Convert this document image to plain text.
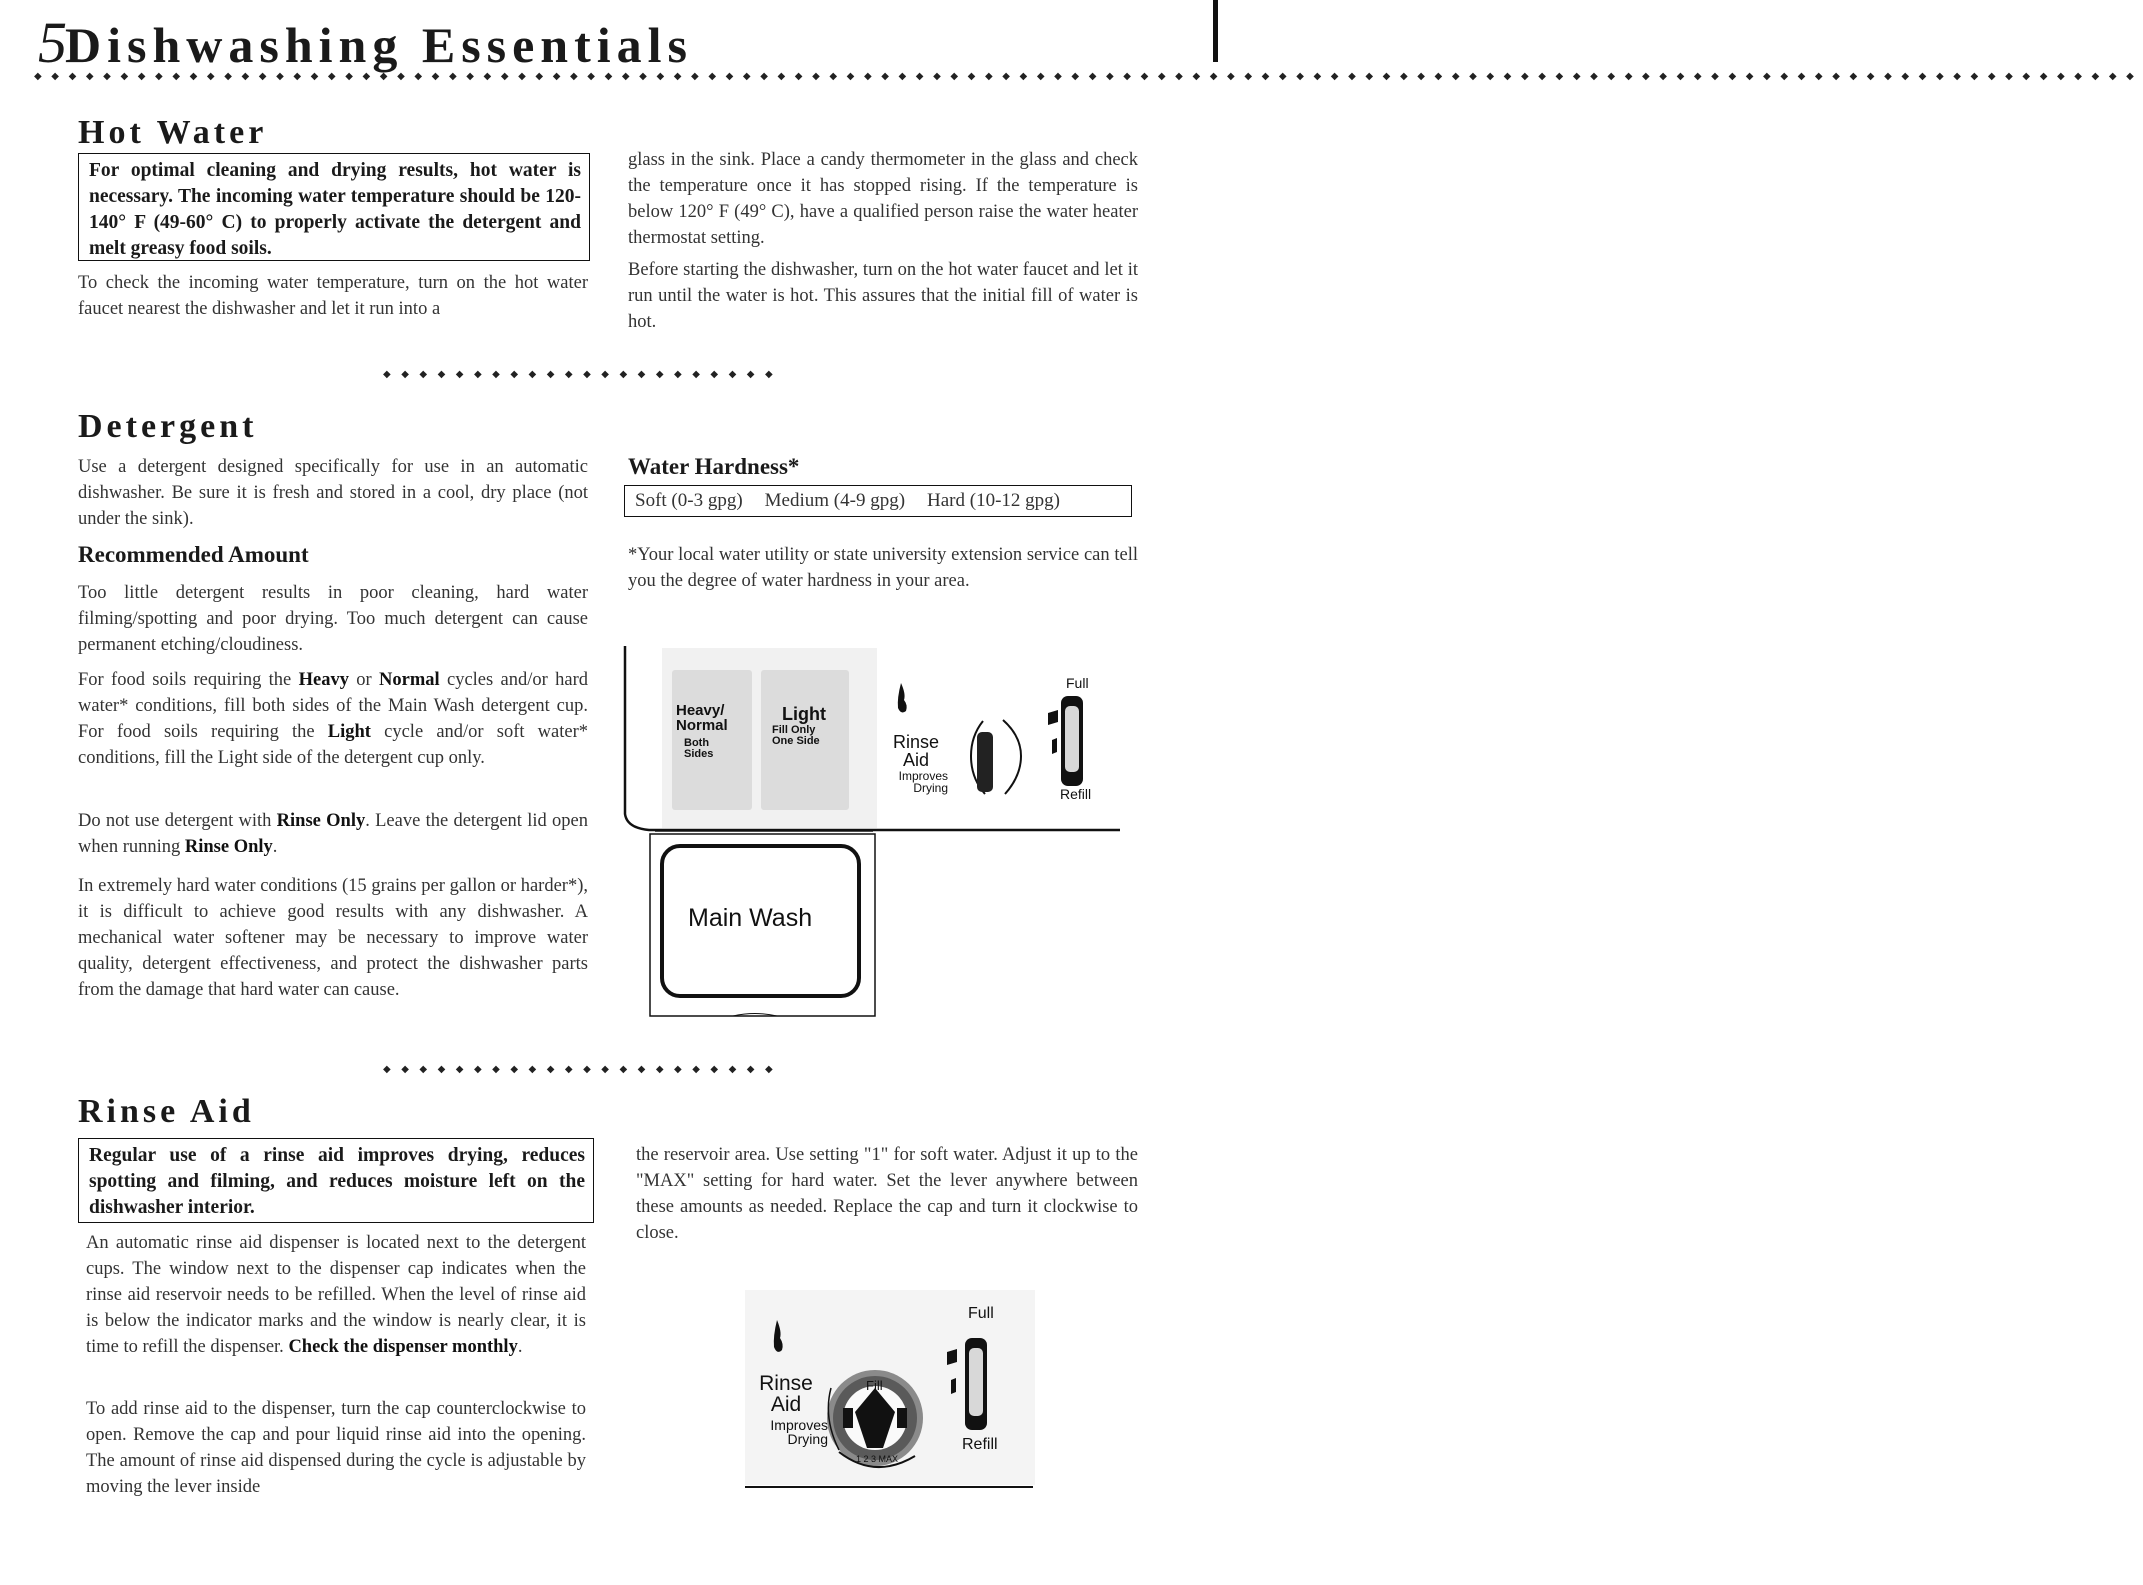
5Dishwashing Essentials
◆◆◆◆◆◆◆◆◆◆◆◆◆◆◆◆◆◆◆◆◆◆◆◆◆◆◆◆◆◆◆◆◆◆◆◆◆◆◆◆◆◆◆◆◆◆◆◆◆◆◆◆◆◆◆◆◆◆◆◆◆◆◆◆◆◆◆◆◆◆◆◆◆◆◆◆◆◆◆◆◆◆◆◆◆◆◆◆◆◆◆◆◆◆◆◆◆◆◆◆◆◆◆◆◆◆◆◆◆◆◆◆◆◆◆◆◆◆◆◆◆◆
Hot Water
For optimal cleaning and drying results, hot water is necessary. The incoming water temperature should be 120-140° F (49-60° C) to properly activate the detergent and melt greasy food soils.

To check the incoming water temperature, turn on the hot water faucet nearest the dishwasher and let it run into a

glass in the sink. Place a candy thermometer in the glass and check the temperature once it has stopped rising. If the temperature is below 120° F (49° C), have a qualified person raise the water heater thermostat setting.

Before starting the dishwasher, turn on the hot water faucet and let it run until the water is hot. This assures that the initial fill of water is hot.

◆◆◆◆◆◆◆◆◆◆◆◆◆◆◆◆◆◆◆◆◆◆
Detergent

Use a detergent designed specifically for use in an automatic dishwasher. Be sure it is fresh and stored in a cool, dry place (not under the sink).

Recommended Amount

Too little detergent results in poor cleaning, hard water filming/spotting and poor drying. Too much detergent can cause permanent etching/cloudiness.

For food soils requiring the Heavy or Normal cycles and/or hard water* conditions, fill both sides of the Main Wash detergent cup. For food soils requiring the Light cycle and/or soft water* conditions, fill the Light side of the detergent cup only.

Do not use detergent with Rinse Only. Leave the detergent lid open when running Rinse Only.

In extremely hard water conditions (15 grains per gallon or harder*), it is difficult to achieve good results with any dishwasher. A mechanical water softener may be necessary to improve water quality, detergent effectiveness, and protect the dishwasher parts from the damage that hard water can cause.

Water Hardness*
Soft (0-3 gpg) Medium (4-9 gpg) Hard (10-12 gpg)

*Your local water utility or state university extension service can tell you the degree of water hardness in your area.

Heavy/
Normal
Both
Sides
Light
Fill Only
One Side	Rinse
Aid
Improves
Drying
Full
Refill
Main Wash
◆◆◆◆◆◆◆◆◆◆◆◆◆◆◆◆◆◆◆◆◆◆
Rinse Aid
Regular use of a rinse aid improves drying, reduces spotting and filming, and reduces moisture left on the dishwasher interior.

An automatic rinse aid dispenser is located next to the detergent cups. The window next to the dispenser cap indicates when the rinse aid reservoir needs to be refilled. When the level of rinse aid is below the indicator marks and the window is nearly clear, it is time to refill the dispenser. Check the dispenser monthly.

To add rinse aid to the dispenser, turn the cap counterclockwise to open. Remove the cap and pour liquid rinse aid into the opening. The amount of rinse aid dispensed during the cycle is adjustable by moving the lever inside

the reservoir area. Use setting "1" for soft water. Adjust it up to the "MAX" setting for hard water. Set the lever anywhere between these amounts as needed. Replace the cap and turn it clockwise to close.

Rinse
Aid
Improves
Drying
Fill
1 2 3 MAX
Full
Refill
